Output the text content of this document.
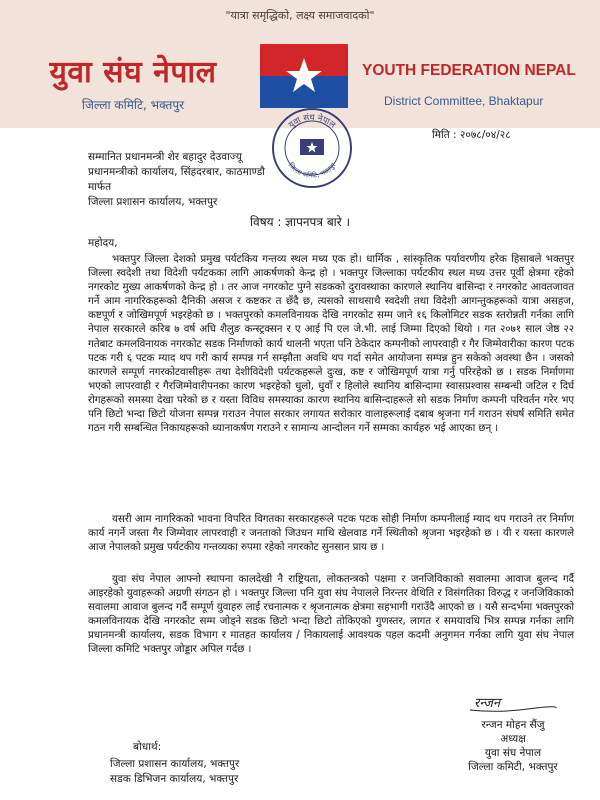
"यात्रा समृद्धिको, लक्ष्य समाजवादको"
युवा संघ नेपाल
जिल्ला कमिटि, भक्तपुर
YOUTH FEDERATION NEPAL
District Committee, Bhaktapur
युवा संघ नेपाल
जिल्ला कमिटि, भक्तपुर
मिति : २०७८/०४/२८
सम्मानित प्रधानमन्त्री शेर बहादुर देउवाज्यू
प्रधानमन्त्रीको कार्यालय, सिंहदरबार, काठमाण्डौ
मार्फत
जिल्ला प्रशासन कार्यालय, भक्तपुर
विषय : ज्ञापनपत्र बारे ।
महोदय,
भक्तपुर जिल्ला देशको प्रमुख पर्यटकिय गन्तव्य स्थल मध्य एक हो। धार्मिक , सांस्कृतिक पर्यावरणीय हरेक हिसाबले भक्तपुर जिल्ला स्वदेशी तथा विदेशी पर्यटकका लागि आकर्षणको केन्द्र हो । भक्तपुर जिल्लाका पर्यटकीय स्थल मध्य उत्तर पूर्वी क्षेत्रमा रहेको नगरकोट मुख्य आकर्षणको केन्द्र हो । तर आज नगरकोट पुग्ने सडकको दुरावस्थाका कारणले स्थानिय बासिन्दा र नगरकोट आवतजावत गर्ने आम नागरिकहरूको दैनिकी असज र कष्टकर त छँदै छ, त्यसको साथसाथै स्वदेशी तथा विदेशी आगन्तुकहरूको यात्रा असहज, कष्टपूर्ण र जोखिमपूर्ण भइरहेको छ । भक्तपुरको कमलविनायक देखि नगरकोट सम्म जाने १६ किलोमिटर सडक स्तरोन्नती गर्नका लागि नेपाल सरकारले करिब ७ वर्ष अघि शैलुङ कन्स्ट्रक्सन र ए आई पि एल जे.भी. लाई जिम्मा दिएको थियो । गत २०७१ साल जेष्ठ २२ गतेबाट कमलविनायक नगरकोट सडक निर्माणको कार्य थालनी भएता पनि ठेकेदार कम्पनीको लापरवाही र गैर जिम्मेवारीका कारण पटक पटक गरी ६ पटक म्याद थप गरी कार्य सम्पन्न गर्न सम्झौता अवधि थप गर्दा समेत आयोजना सम्पन्न हुन सकेको अवस्था छैन । जसको कारणले सम्पूर्ण नगरकोटवासीहरू तथा देशीविदेशी पर्यटकहरूले दुःख, कष्ट र जोखिमपूर्ण यात्रा गर्नु परिरहेको छ । सडक निर्माणमा भएको लापरवाही र गैरजिम्मेवारीपनका कारण भइरहेको धुलो, धुवाँ र हिलोले स्थानिय बासिन्दामा स्वासप्रश्वास सम्बन्धी जटिल र दिर्घ रोगहरूको समस्या देखा परेको छ र यस्ता विविध समस्याका कारण स्थानिय बासिन्दाहरूले सो सडक निर्माण कम्पनी परिवर्तन गरेर भए पनि छिटो भन्दा छिटो योजना सम्पन्न गराउन नेपाल सरकार लगायत सरोकार वालाहरूलाई दबाब श्रृजना गर्न गराउन संघर्ष समिति समेत गठन गरी सम्बन्धित निकायहरूको ध्यानाकर्षण गराउने र सामान्य आन्दोलन गर्ने सम्मका कार्यहरु भई आएका छन् ।
यसरी आम नागरिकको भावना विपरित विगतका सरकारहरूले पटक पटक सोही निर्माण कम्पनीलाई म्याद थप गराउने तर निर्माण कार्य नगर्ने जस्ता गैर जिम्मेवार लापरवाही र जनताको जिउधन माथि खेलवाड गर्ने स्थितीको श्रृजना भइरहेको छ । यी र यस्ता कारणले आज नेपालको प्रमुख पर्यटकीय गन्तव्यका रुपमा रहेको नगरकोट सुनसान प्राय छ ।
युवा संघ नेपाल आफ्नो स्थापना कालदेखी नै राष्ट्रियता, लोकतन्त्रको पक्षमा र जनजिविकाको सवालमा आवाज बुलन्द गर्दै आइरहेको युवाहरूको अग्रणी संगठन हो । भक्तपुर जिल्ला पनि युवा संघ नेपालले निरन्तर वेथिति र विसंगतिका विरुद्ध र जनजिविकाको सवालमा आवाज बुलन्द गर्दै सम्पूर्ण युवाहरु लाई रचनात्मक र श्रृजनात्मक क्षेत्रमा सहभागी गराउँदै आएको छ । यसै सन्दर्भमा भक्तपुरको कमलविनायक देखि नगरकोट सम्म जोड्ने सडक छिटो भन्दा छिटो तोकिएको गुणस्तर, लागत र समयावधि भित्र सम्पन्न गर्नका लागि प्रधानमन्त्री कार्यालय, सडक विभाग र मातहत कार्यालय / निकायलाई आवश्यक पहल कदमी अनुगमन गर्नका लागि युवा संघ नेपाल जिल्ला कमिटि भक्तपुर जोड्डार अपिल गर्दछ ।
रन्जन
रन्जन मोहन सैंजु
अध्यक्ष
युवा संघ नेपाल
जिल्ला कमिटी, भक्तपुर
बोधार्थ:
जिल्ला प्रशासन कार्यालय, भक्तपुर
सडक डिभिजन कार्यालय, भक्तपुर
